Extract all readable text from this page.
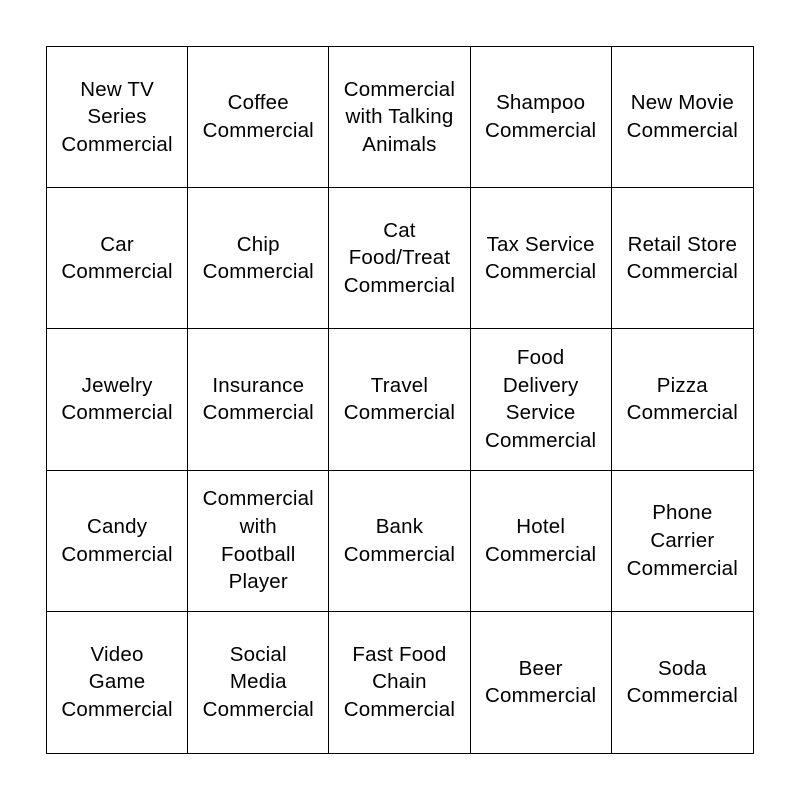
New TV
Series
Commercial
Coffee
Commercial
Commercial
with Talking
Animals
Shampoo
Commercial
New Movie
Commercial
Car
Commercial
Chip
Commercial
Cat
Food/Treat
Commercial
Tax Service
Commercial
Retail Store
Commercial
Jewelry
Commercial
Insurance
Commercial
Travel
Commercial
Food
Delivery
Service
Commercial
Pizza
Commercial
Candy
Commercial
Commercial
with
Football
Player
Bank
Commercial
Hotel
Commercial
Phone
Carrier
Commercial
Video
Game
Commercial
Social
Media
Commercial
Fast Food
Chain
Commercial
Beer
Commercial
Soda
Commercial
